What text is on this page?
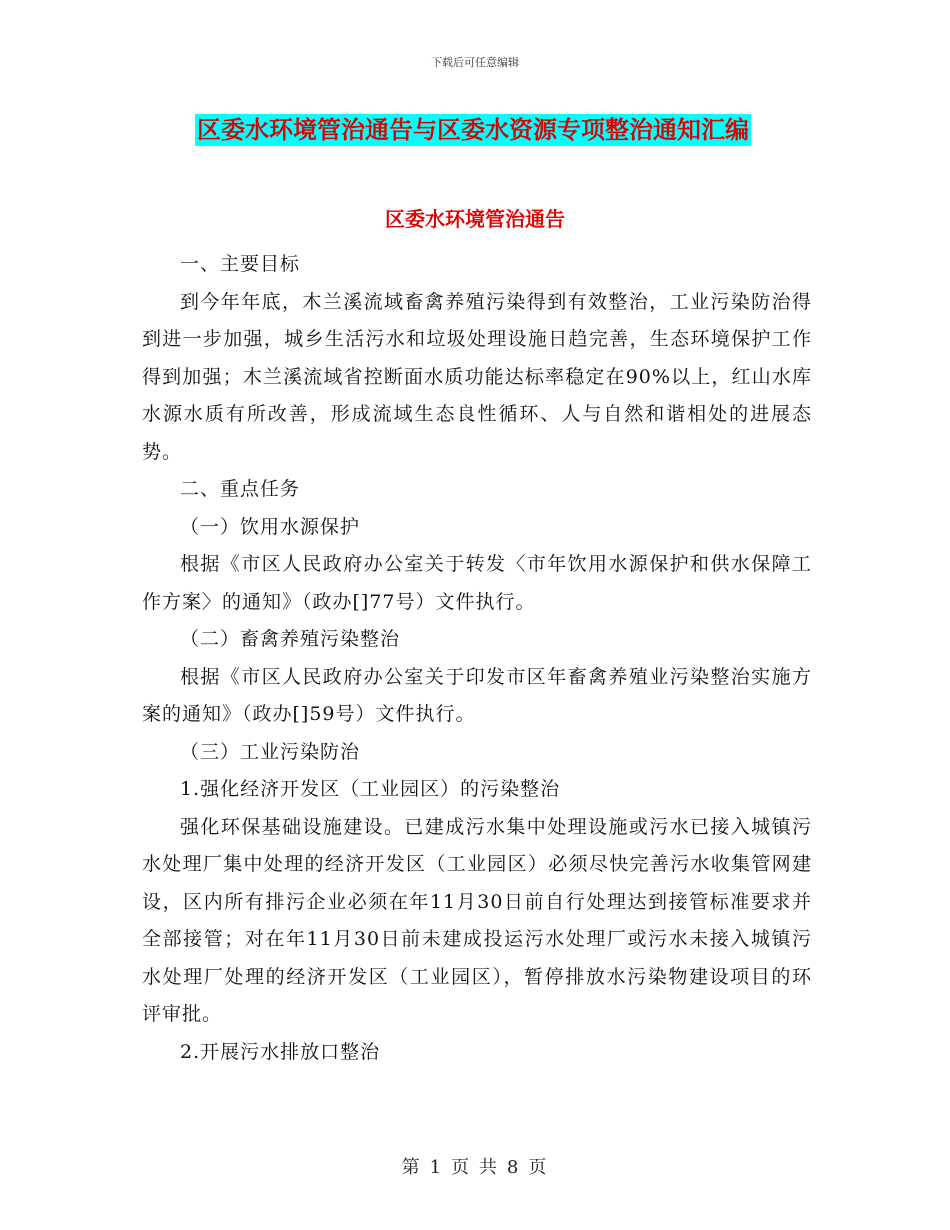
下载后可任意编辑
区委水环境管治通告与区委水资源专项整治通知汇编
区委水环境管治通告

一、主要目标

到今年年底，木兰溪流域畜禽养殖污染得到有效整治，工业污染防治得到进一步加强，城乡生活污水和垃圾处理设施日趋完善，生态环境保护工作得到加强；木兰溪流域省控断面水质功能达标率稳定在90%以上，红山水库水源水质有所改善，形成流域生态良性循环、人与自然和谐相处的进展态势。

二、重点任务

（一）饮用水源保护

根据《市区人民政府办公室关于转发〈市年饮用水源保护和供水保障工作方案〉的通知》（政办[]77号）文件执行。

（二）畜禽养殖污染整治

根据《市区人民政府办公室关于印发市区年畜禽养殖业污染整治实施方案的通知》（政办[]59号）文件执行。

（三）工业污染防治

1.强化经济开发区（工业园区）的污染整治

强化环保基础设施建设。已建成污水集中处理设施或污水已接入城镇污水处理厂集中处理的经济开发区（工业园区）必须尽快完善污水收集管网建设，区内所有排污企业必须在年11月30日前自行处理达到接管标准要求并全部接管；对在年11月30日前未建成投运污水处理厂或污水未接入城镇污水处理厂处理的经济开发区（工业园区），暂停排放水污染物建设项目的环评审批。

2.开展污水排放口整治

第 1 页 共 8 页
